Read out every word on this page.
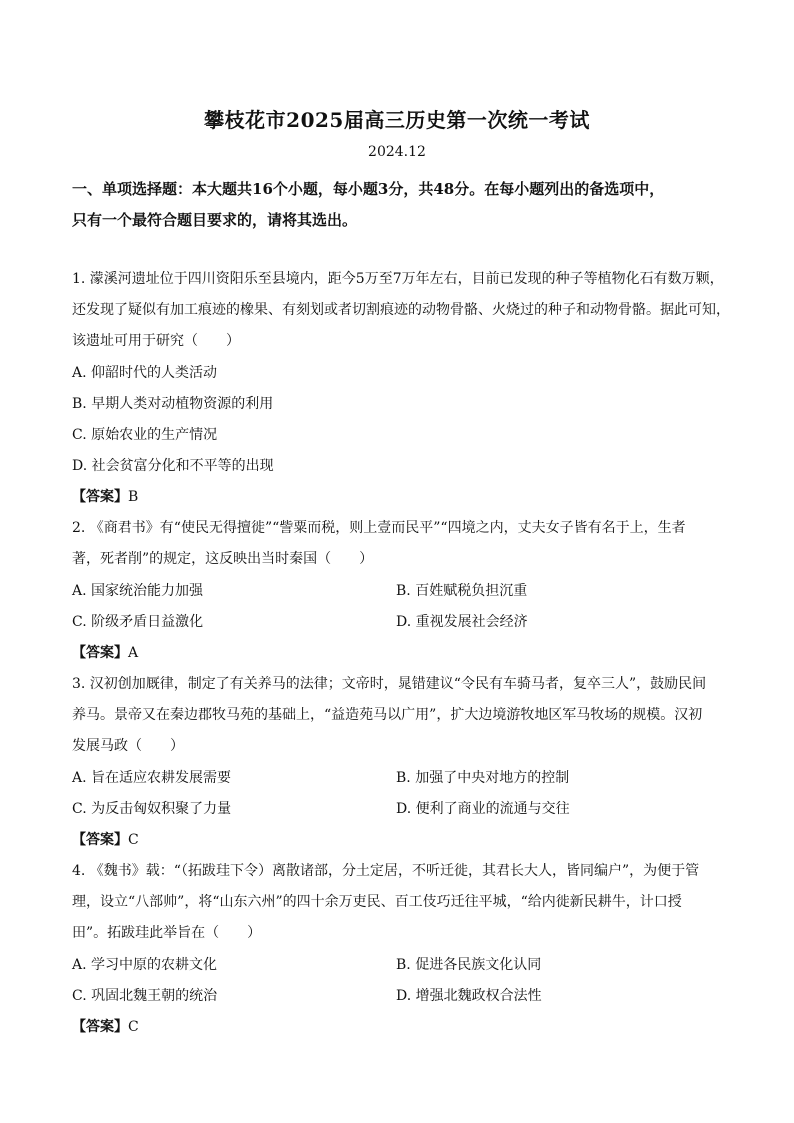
攀枝花市2025届高三历史第一次统一考试
2024.12
一、单项选择题：本大题共16个小题，每小题3分，共48分。在每小题列出的备选项中，
只有一个最符合题目要求的，请将其选出。
1. 濛溪河遗址位于四川资阳乐至县境内，距今5万至7万年左右，目前已发现的种子等植物化石有数万颗，
还发现了疑似有加工痕迹的橡果、有刻划或者切割痕迹的动物骨骼、火烧过的种子和动物骨骼。据此可知，
该遗址可用于研究（　　）
A. 仰韶时代的人类活动
B. 早期人类对动植物资源的利用
C. 原始农业的生产情况
D. 社会贫富分化和不平等的出现
【答案】B
2. 《商君书》有“使民无得擅徙”“訾粟而税，则上壹而民平”“四境之内，丈夫女子皆有名于上，生者
著，死者削”的规定，这反映出当时秦国（　　）
A. 国家统治能力加强	B. 百姓赋税负担沉重
C. 阶级矛盾日益激化	D. 重视发展社会经济
【答案】A
3. 汉初创加厩律，制定了有关养马的法律；文帝时，晁错建议“令民有车骑马者，复卒三人”，鼓励民间
养马。景帝又在秦边郡牧马苑的基础上，“益造苑马以广用”，扩大边境游牧地区军马牧场的规模。汉初
发展马政（　　）
A. 旨在适应农耕发展需要	B. 加强了中央对地方的控制
C. 为反击匈奴积聚了力量	D. 便利了商业的流通与交往
【答案】C
4. 《魏书》载：“（拓跋珪下令）离散诸部，分土定居，不听迁徙，其君长大人，皆同编户”，为便于管
理，设立“八部帅”，将“山东六州”的四十余万吏民、百工伎巧迁往平城，“给内徙新民耕牛，计口授
田”。拓跋珪此举旨在（　　）
A. 学习中原的农耕文化	B. 促进各民族文化认同
C. 巩固北魏王朝的统治	D. 增强北魏政权合法性
【答案】C
